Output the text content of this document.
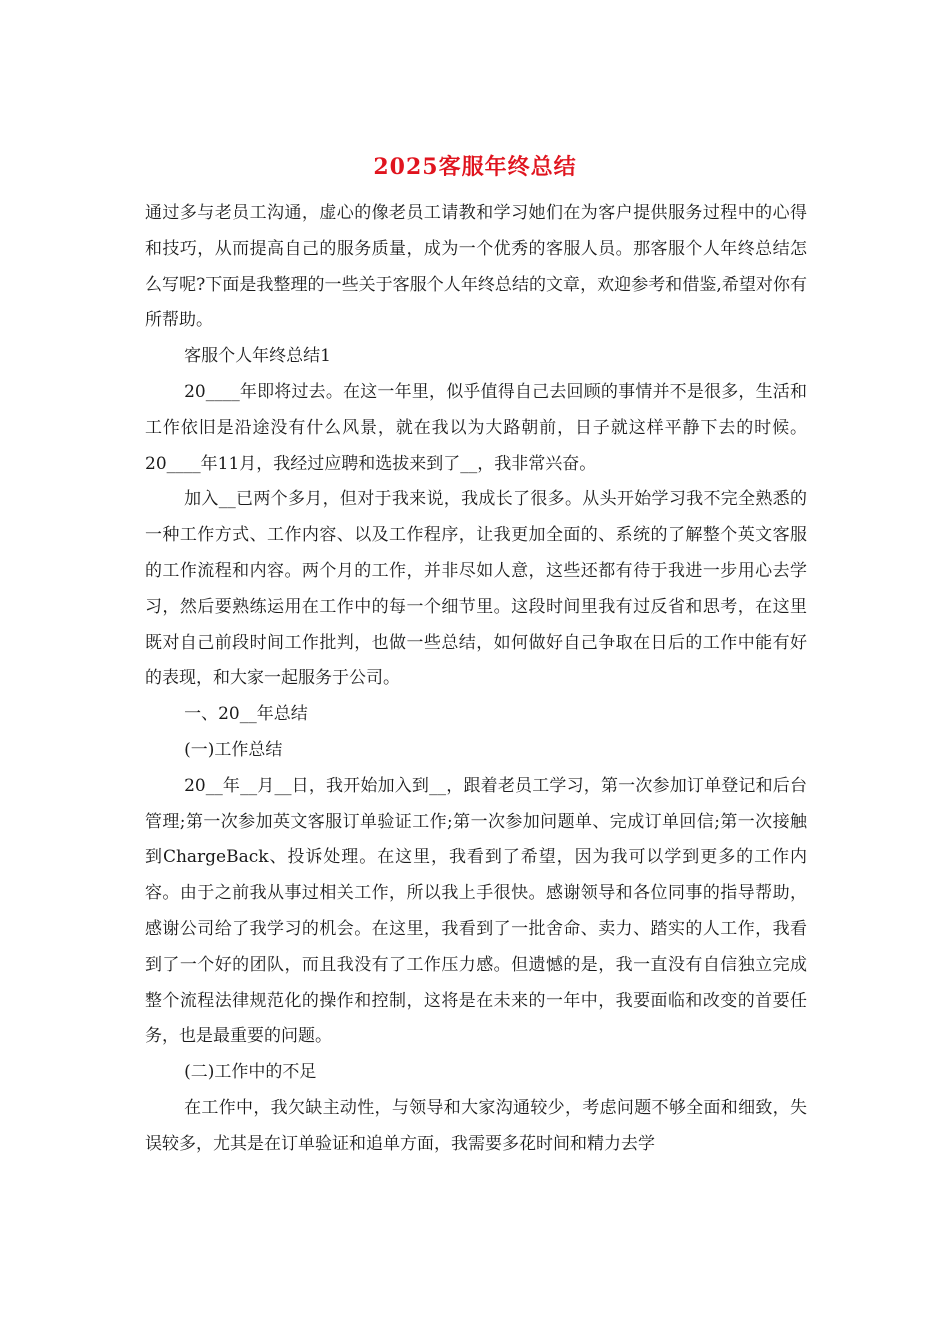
2025客服年终总结

通过多与老员工沟通，虚心的像老员工请教和学习她们在为客户提供服务过程中的心得和技巧，从而提高自己的服务质量，成为一个优秀的客服人员。那客服个人年终总结怎么写呢?下面是我整理的一些关于客服个人年终总结的文章，欢迎参考和借鉴,希望对你有所帮助。

客服个人年终总结1

20____年即将过去。在这一年里，似乎值得自己去回顾的事情并不是很多，生活和工作依旧是沿途没有什么风景，就在我以为大路朝前，日子就这样平静下去的时候。20____年11月，我经过应聘和选拔来到了__，我非常兴奋。

加入__已两个多月，但对于我来说，我成长了很多。从头开始学习我不完全熟悉的一种工作方式、工作内容、以及工作程序，让我更加全面的、系统的了解整个英文客服的工作流程和内容。两个月的工作，并非尽如人意，这些还都有待于我进一步用心去学习，然后要熟练运用在工作中的每一个细节里。这段时间里我有过反省和思考，在这里既对自己前段时间工作批判，也做一些总结，如何做好自己争取在日后的工作中能有好的表现，和大家一起服务于公司。

一、20__年总结

(一)工作总结

20__年__月__日，我开始加入到__，跟着老员工学习，第一次参加订单登记和后台管理;第一次参加英文客服订单验证工作;第一次参加问题单、完成订单回信;第一次接触到ChargeBack、投诉处理。在这里，我看到了希望，因为我可以学到更多的工作内容。由于之前我从事过相关工作，所以我上手很快。感谢领导和各位同事的指导帮助，感谢公司给了我学习的机会。在这里，我看到了一批舍命、卖力、踏实的人工作，我看到了一个好的团队，而且我没有了工作压力感。但遗憾的是，我一直没有自信独立完成整个流程法律规范化的操作和控制，这将是在未来的一年中，我要面临和改变的首要任务，也是最重要的问题。

(二)工作中的不足

在工作中，我欠缺主动性，与领导和大家沟通较少，考虑问题不够全面和细致，失误较多，尤其是在订单验证和追单方面，我需要多花时间和精力去学
